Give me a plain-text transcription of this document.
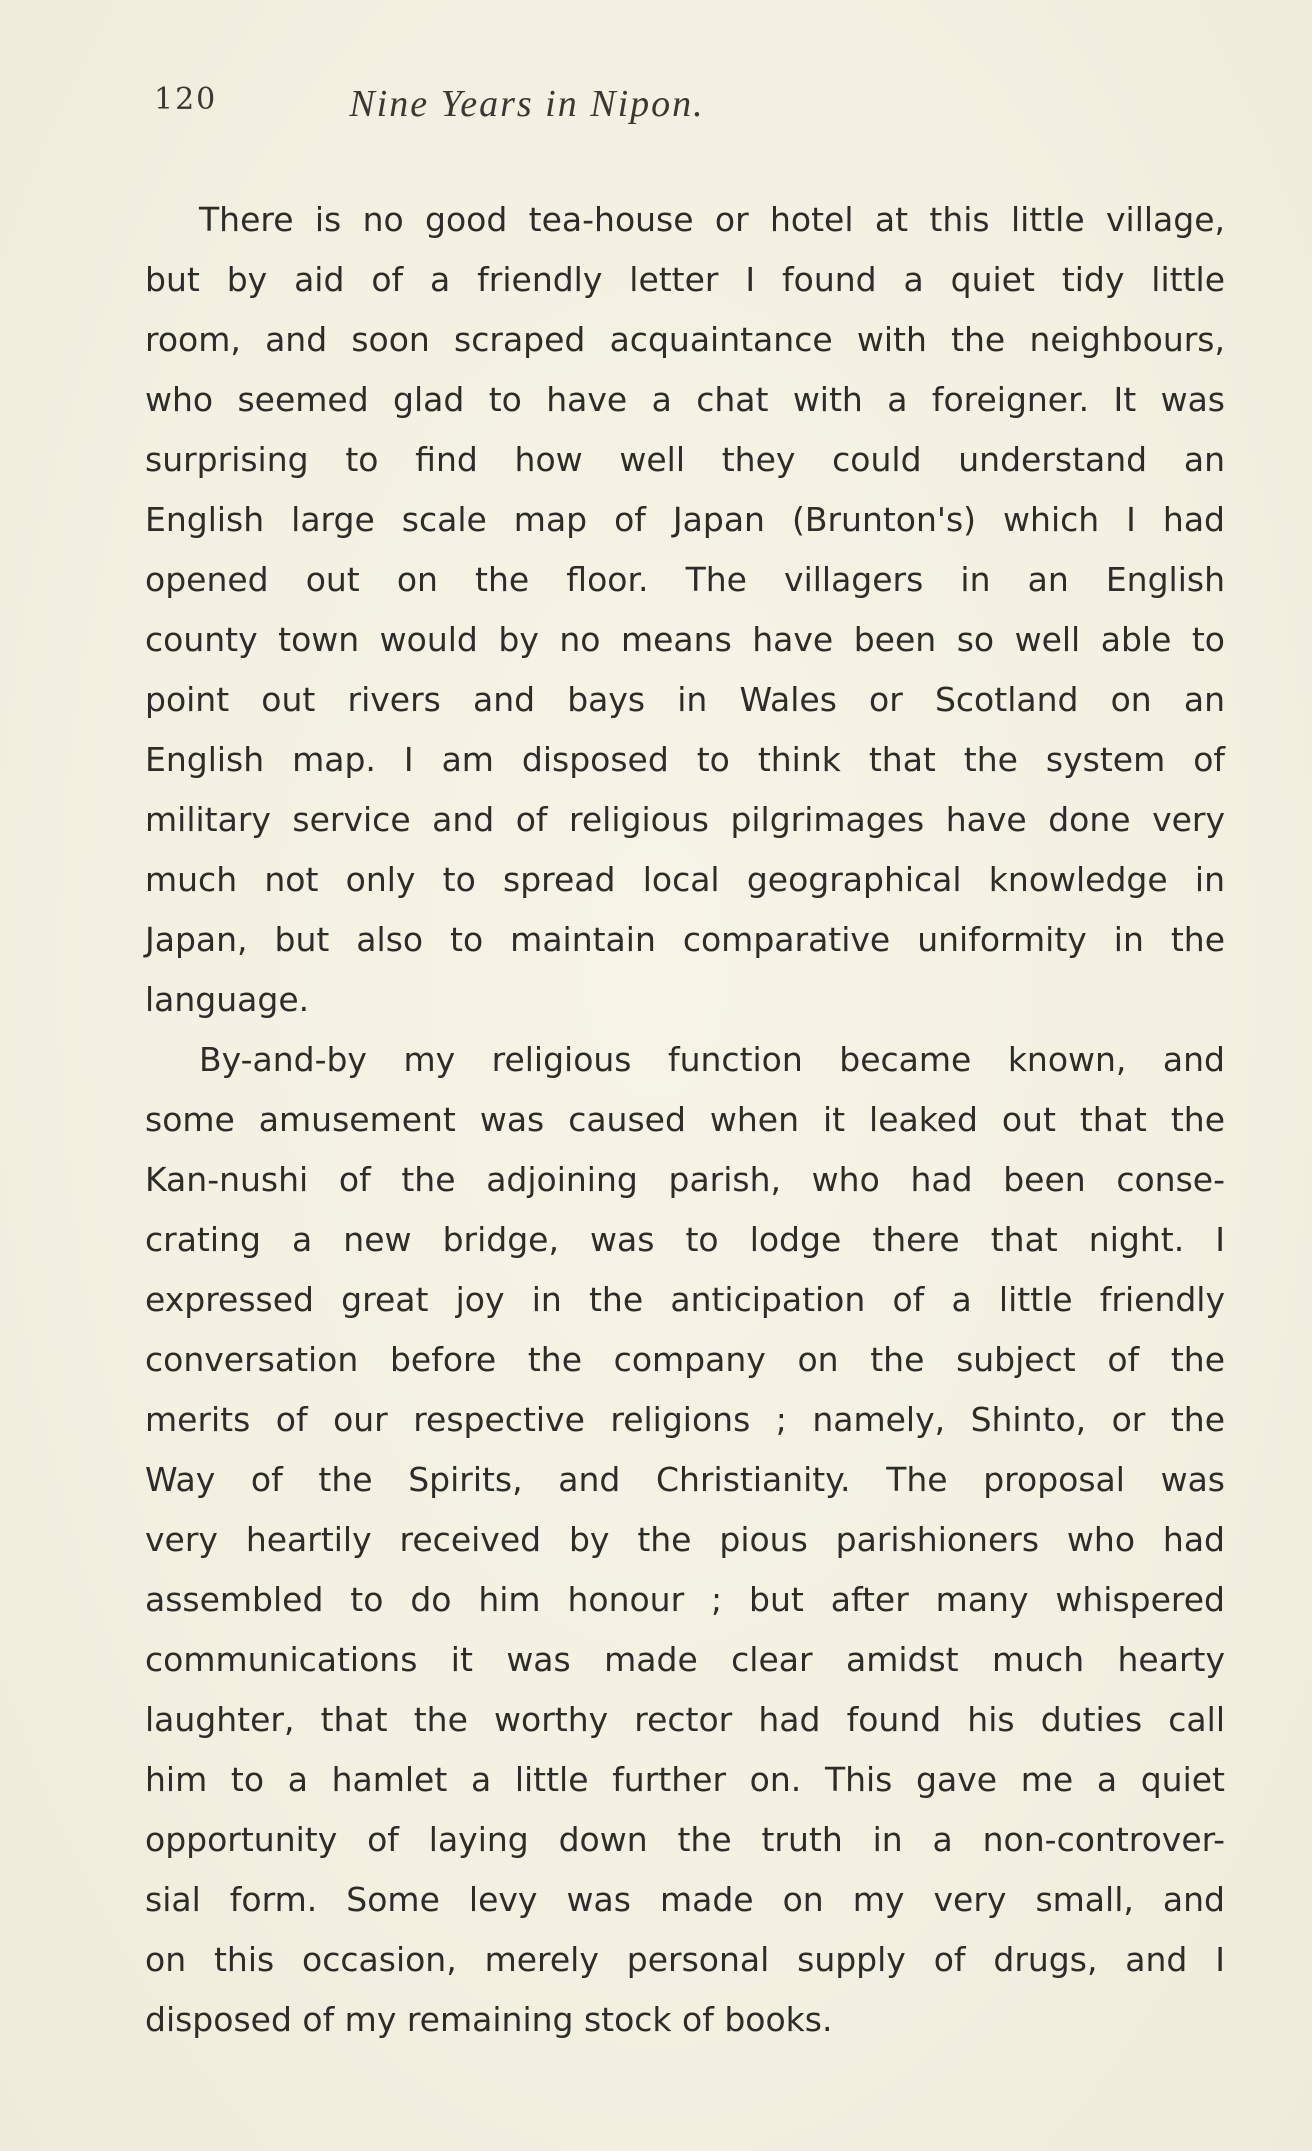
120	Nine Years in Nipon.
There is no good tea-house or hotel at this little village,
but by aid of a friendly letter I found a quiet tidy little
room, and soon scraped acquaintance with the neighbours,
who seemed glad to have a chat with a foreigner. It was
surprising to find how well they could understand an
English large scale map of Japan (Brunton's) which I had
opened out on the floor. The villagers in an English
county town would by no means have been so well able to
point out rivers and bays in Wales or Scotland on an
English map. I am disposed to think that the system of
military service and of religious pilgrimages have done very
much not only to spread local geographical knowledge in
Japan, but also to maintain comparative uniformity in the
language.
By-and-by my religious function became known, and
some amusement was caused when it leaked out that the
Kan-nushi of the adjoining parish, who had been conse-
crating a new bridge, was to lodge there that night. I
expressed great joy in the anticipation of a little friendly
conversation before the company on the subject of the
merits of our respective religions ; namely, Shinto, or the
Way of the Spirits, and Christianity. The proposal was
very heartily received by the pious parishioners who had
assembled to do him honour ; but after many whispered
communications it was made clear amidst much hearty
laughter, that the worthy rector had found his duties call
him to a hamlet a little further on. This gave me a quiet
opportunity of laying down the truth in a non-controver-
sial form. Some levy was made on my very small, and
on this occasion, merely personal supply of drugs, and I
disposed of my remaining stock of books.
